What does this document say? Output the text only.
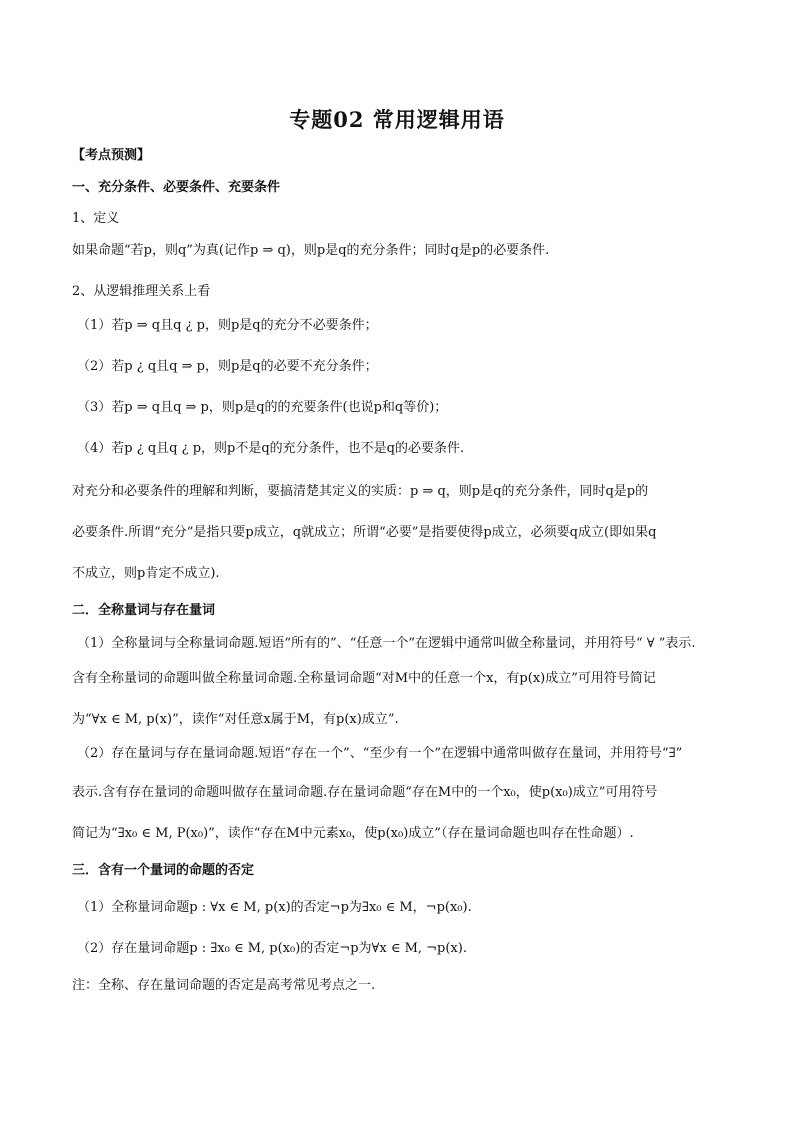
专题02 常用逻辑用语
【考点预测】
一、充分条件、必要条件、充要条件
1、定义
如果命题“若p，则q”为真(记作p ⇒ q)，则p是q的充分条件；同时q是p的必要条件.
2、从逻辑推理关系上看
（1）若p ⇒ q且q ¿ p，则p是q的充分不必要条件；
（2）若p ¿ q且q ⇒ p，则p是q的必要不充分条件；
（3）若p ⇒ q且q ⇒ p，则p是q的的充要条件(也说p和q等价)；
（4）若p ¿ q且q ¿ p，则p不是q的充分条件，也不是q的必要条件.
对充分和必要条件的理解和判断，要搞清楚其定义的实质：p ⇒ q，则p是q的充分条件，同时q是p的
必要条件.所谓“充分”是指只要p成立，q就成立；所谓“必要”是指要使得p成立，必须要q成立(即如果q
不成立，则p肯定不成立).
二．全称量词与存在量词
（1）全称量词与全称量词命题.短语“所有的”、“任意一个”在逻辑中通常叫做全称量词，并用符号“ ∀ ”表示.
含有全称量词的命题叫做全称量词命题.全称量词命题“对M中的任意一个x，有p(x)成立”可用符号简记
为“∀x ∈ M, p(x)”，读作“对任意x属于M，有p(x)成立”.
（2）存在量词与存在量词命题.短语“存在一个”、“至少有一个”在逻辑中通常叫做存在量词，并用符号“∃”
表示.含有存在量词的命题叫做存在量词命题.存在量词命题“存在M中的一个x₀，使p(x₀)成立”可用符号
简记为“∃x₀ ∈ M, P(x₀)”，读作“存在M中元素x₀，使p(x₀)成立”（存在量词命题也叫存在性命题）.
三．含有一个量词的命题的否定
（1）全称量词命题p : ∀x ∈ M, p(x)的否定¬p为∃x₀ ∈ M，¬p(x₀).
（2）存在量词命题p : ∃x₀ ∈ M, p(x₀)的否定¬p为∀x ∈ M, ¬p(x).
注：全称、存在量词命题的否定是高考常见考点之一.
